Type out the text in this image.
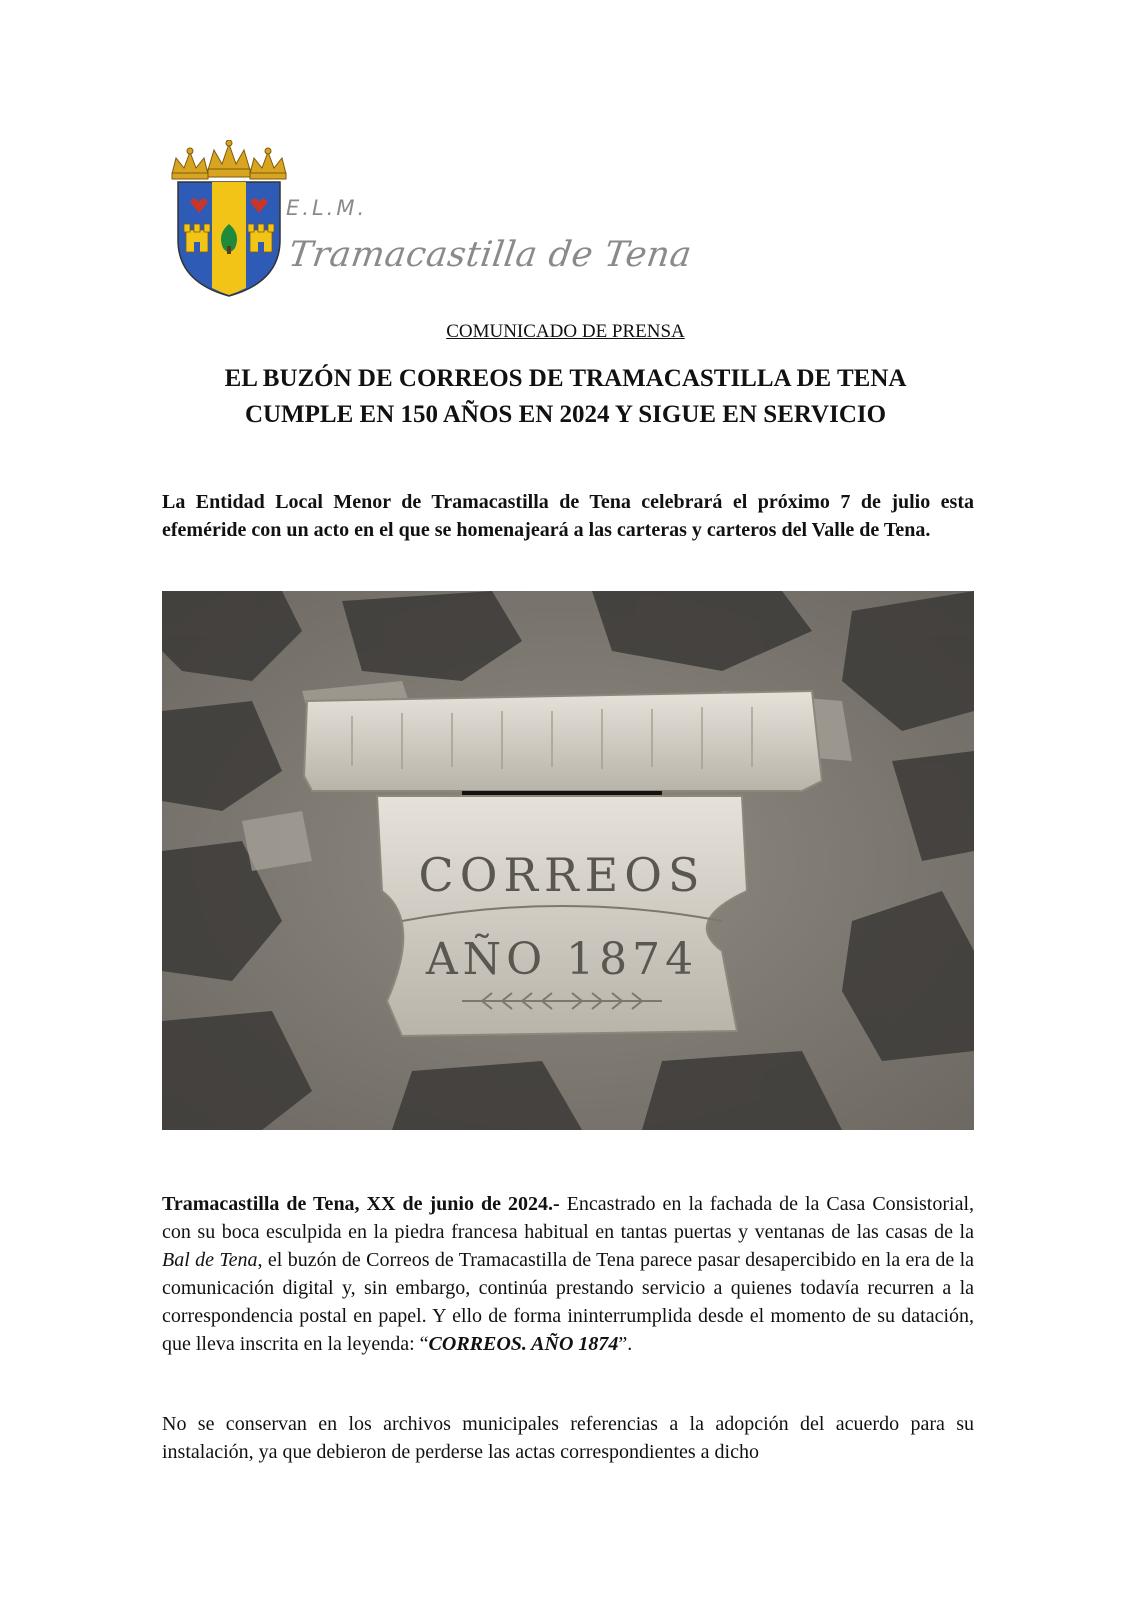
E.L.M.
Tramacastilla de Tena
COMUNICADO DE PRENSA
EL BUZÓN DE CORREOS DE TRAMACASTILLA DE TENA
CUMPLE EN 150 AÑOS EN 2024 Y SIGUE EN SERVICIO

La Entidad Local Menor de Tramacastilla de Tena celebrará el próximo 7 de julio esta efeméride con un acto en el que se homenajeará a las carteras y carteros del Valle de Tena.

CORREOS
AÑO 1874

Tramacastilla de Tena, XX de junio de 2024.- Encastrado en la fachada de la Casa Consistorial, con su boca esculpida en la piedra francesa habitual en tantas puertas y ventanas de las casas de la Bal de Tena, el buzón de Correos de Tramacastilla de Tena parece pasar desapercibido en la era de la comunicación digital y, sin embargo, continúa prestando servicio a quienes todavía recurren a la correspondencia postal en papel. Y ello de forma ininterrumplida desde el momento de su datación, que lleva inscrita en la leyenda: “CORREOS. AÑO 1874”.

No se conservan en los archivos municipales referencias a la adopción del acuerdo para su instalación, ya que debieron de perderse las actas correspondientes a dicho
